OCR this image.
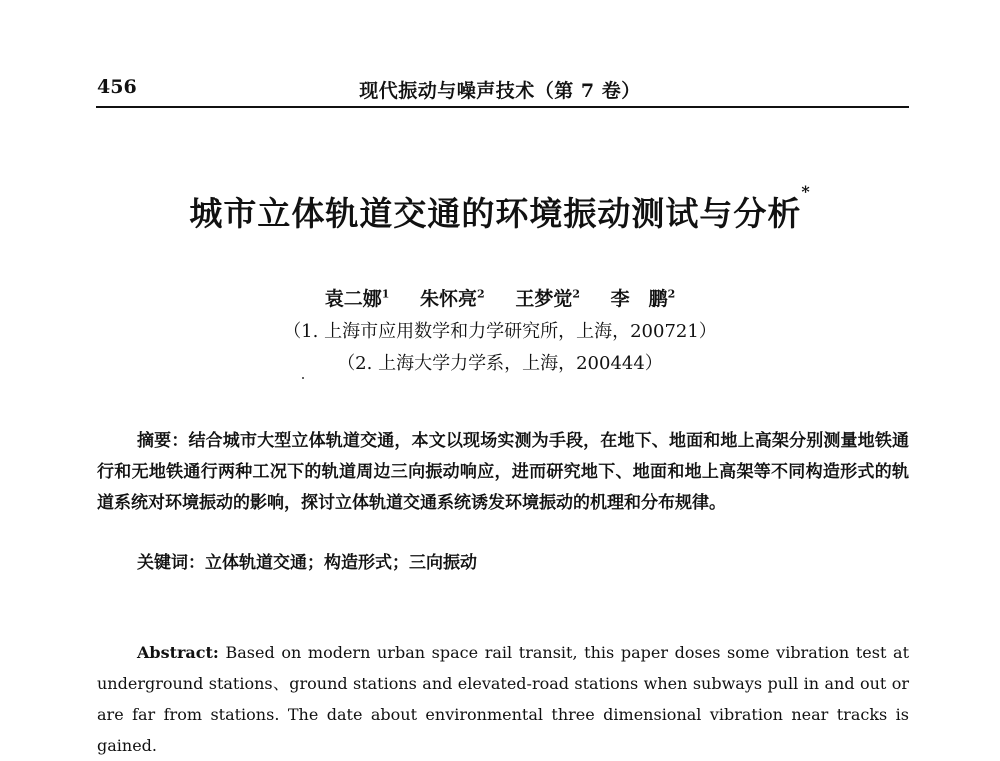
456	现代振动与噪声技术（第 7 卷）
城市立体轨道交通的环境振动测试与分析*
袁二娜$^1$ 朱怀亮$^2$ 王梦觉$^2$ 李　鹏$^2$
（1. 上海市应用数学和力学研究所，上海，200721）
（2. 上海大学力学系，上海，200444）
摘要：结合城市大型立体轨道交通，本文以现场实测为手段，在地下、地面和地上高架分别测量地铁通行和无地铁通行两种工况下的轨道周边三向振动响应，进而研究地下、地面和地上高架等不同构造形式的轨道系统对环境振动的影响，探讨立体轨道交通系统诱发环境振动的机理和分布规律。
关键词：立体轨道交通；构造形式；三向振动
Abstract: Based on modern urban space rail transit, this paper doses some vibration test at underground stations、ground stations and elevated-road stations when subways pull in and out or are far from stations. The date about environmental three dimensional vibration near tracks is gained.
